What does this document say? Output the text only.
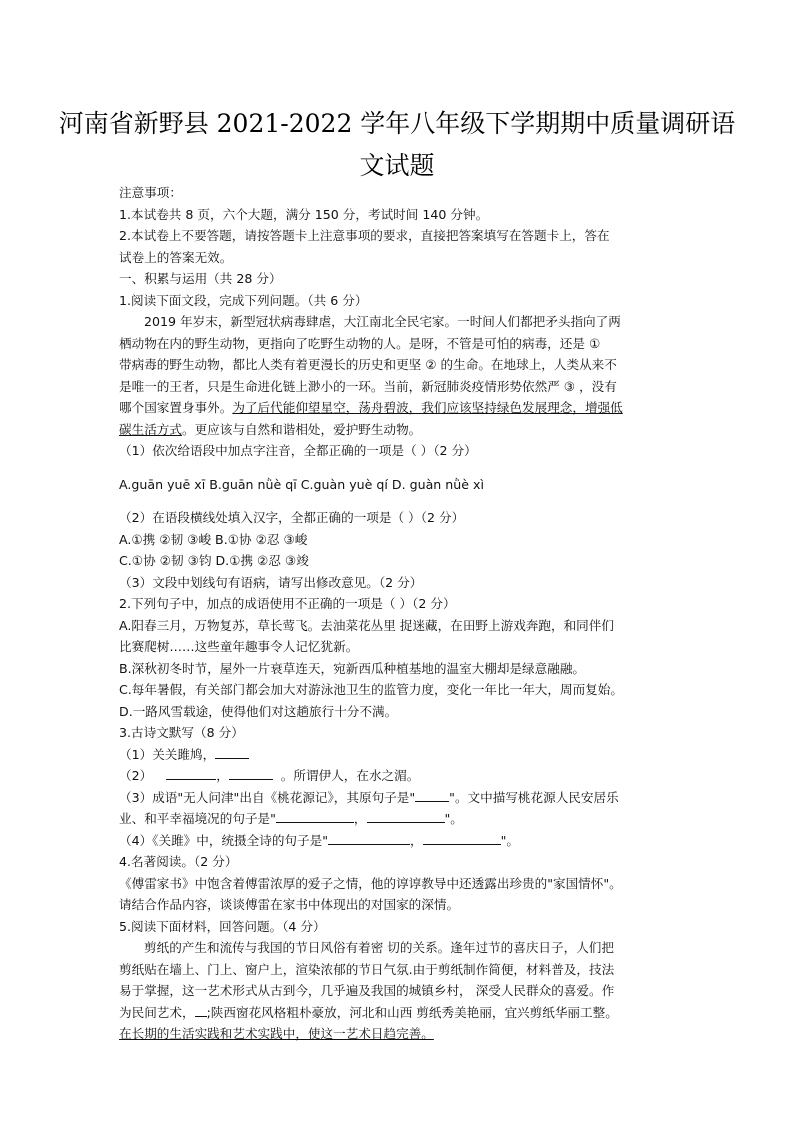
河南省新野县 2021-2022 学年八年级下学期期中质量调研语
文试题
注意事项：
1.本试卷共 8 页，六个大题，满分 150 分，考试时间 140 分钟。
2.本试卷上不要答题，请按答题卡上注意事项的要求，直接把答案填写在答题卡上，答在
试卷上的答案无效。
一、积累与运用（共 28 分）
1.阅读下面文段，完成下列问题。（共 6 分）
2019 年岁末，新型冠状病毒肆虐，大江南北全民宅家。一时间人们都把矛头指向了两
栖动物在内的野生动物，更指向了吃野生动物的人。是呀，不管是可怕的病毒，还是 ①
带病毒的野生动物，都比人类有着更漫长的历史和更坚 ② 的生命。在地球上，人类从来不
是唯一的王者，只是生命进化链上渺小的一环。当前，新冠肺炎疫情形势依然严 ③ ，没有
哪个国家置身事外。为了后代能仰望星空，荡舟碧波，我们应该坚持绿色发展理念，增强低
碳生活方式。更应该与自然和谐相处，爱护野生动物。
（1）依次给语段中加点字注音，全都正确的一项是（ ）（2 分）
A.guān yuē xī B.guān nǜè qī C.guàn yuè qí D. guàn nǜè xì
（2）在语段横线处填入汉字，全都正确的一项是（ ）（2 分）
A.①携 ②韧 ③峻 B.①协 ②忍 ③峻
C.①协 ②韧 ③钧 D.①携 ②忍 ③竣
（3）文段中划线句有语病，请写出修改意见。（2 分）
2.下列句子中，加点的成语使用不正确的一项是（ ）（2 分）
A.阳春三月，万物复苏，草长莺飞。去油菜花丛里 捉迷藏，在田野上游戏奔跑，和同伴们
比赛爬树……这些童年趣事令人记忆犹新。
B.深秋初冬时节，屋外一片衰草连天，宛新西瓜种植基地的温室大棚却是绿意融融。
C.每年暑假，有关部门都会加大对游泳池卫生的监管力度，变化一年比一年大，周而复始。
D.一路风雪载途，使得他们对这趟旅行十分不满。
3.古诗文默写（8 分）
（1）关关雎鸠，
（2）	，	。所谓伊人，在水之湄。
（3）成语"无人问津"出自《桃花源记》，其原句子是"	"。文中描写桃花源人民安居乐
业、和平幸福境况的句子是"	，	"。
（4）《关雎》中，统摄全诗的句子是"	，	"。
4.名著阅读。（2 分）
《傅雷家书》中饱含着傅雷浓厚的爱子之情，他的谆谆教导中还透露出珍贵的"家国情怀"。
请结合作品内容，谈谈傅雷在家书中体现出的对国家的深情。
5.阅读下面材料，回答问题。（4 分）
剪纸的产生和流传与我国的节日风俗有着密 切的关系。逢年过节的喜庆日子，人们把
剪纸贴在墙上、门上、窗户上，渲染浓郁的节日气氛.由于剪纸制作简便，材料普及，技法
易于掌握，这一艺术形式从古到今，几乎遍及我国的城镇乡村， 深受人民群众的喜爱。作
为民间艺术， ;陕西窗花风格粗朴豪放，河北和山西 剪纸秀美艳丽，宜兴剪纸华丽工整。
在长期的生活实践和艺术实践中，使这一艺术日趋完善。
